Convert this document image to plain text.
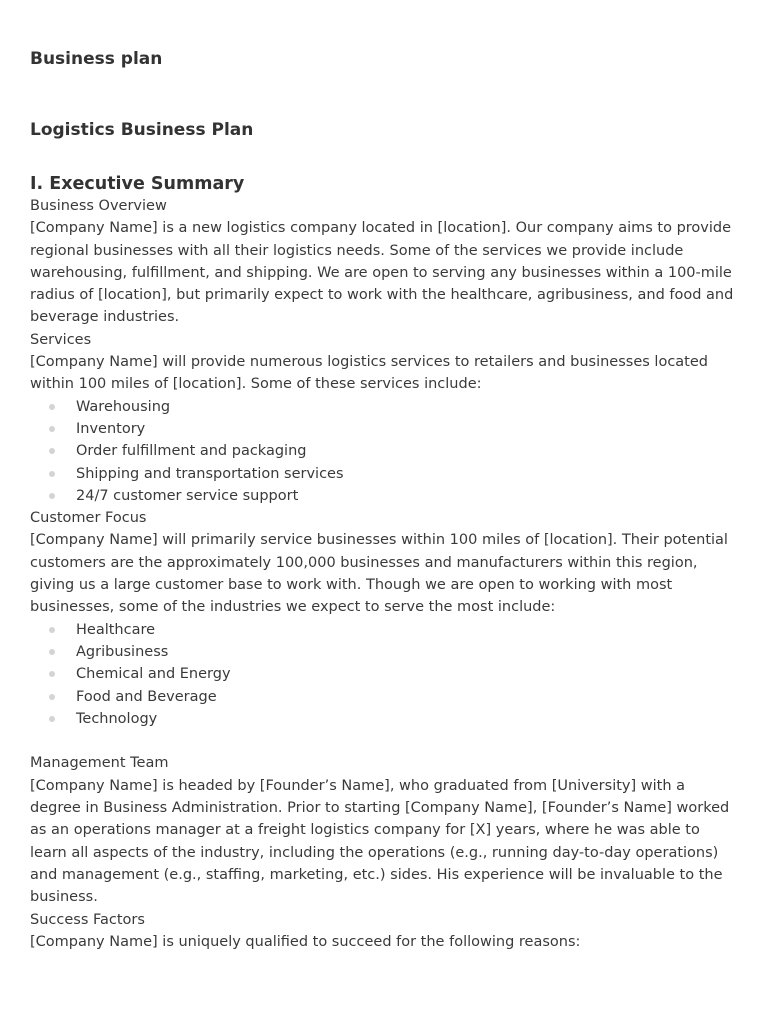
Business plan
Logistics Business Plan
I. Executive Summary

Business Overview

[Company Name] is a new logistics company located in [location]. Our company aims to provide regional businesses with all their logistics needs. Some of the services we provide include warehousing, fulfillment, and shipping. We are open to serving any businesses within a 100-mile radius of [location], but primarily expect to work with the healthcare, agribusiness, and food and beverage industries.

Services

[Company Name] will provide numerous logistics services to retailers and businesses located within 100 miles of [location]. Some of these services include:

Warehousing
Inventory
Order fulfillment and packaging
Shipping and transportation services
24/7 customer service support

Customer Focus

[Company Name] will primarily service businesses within 100 miles of [location]. Their potential customers are the approximately 100,000 businesses and manufacturers within this region, giving us a large customer base to work with. Though we are open to working with most businesses, some of the industries we expect to serve the most include:

Healthcare
Agribusiness
Chemical and Energy
Food and Beverage
Technology

Management Team

[Company Name] is headed by [Founder’s Name], who graduated from [University] with a degree in Business Administration. Prior to starting [Company Name], [Founder’s Name] worked as an operations manager at a freight logistics company for [X] years, where he was able to learn all aspects of the industry, including the operations (e.g., running day-to-day operations) and management (e.g., staffing, marketing, etc.) sides. His experience will be invaluable to the business.

Success Factors

[Company Name] is uniquely qualified to succeed for the following reasons:
